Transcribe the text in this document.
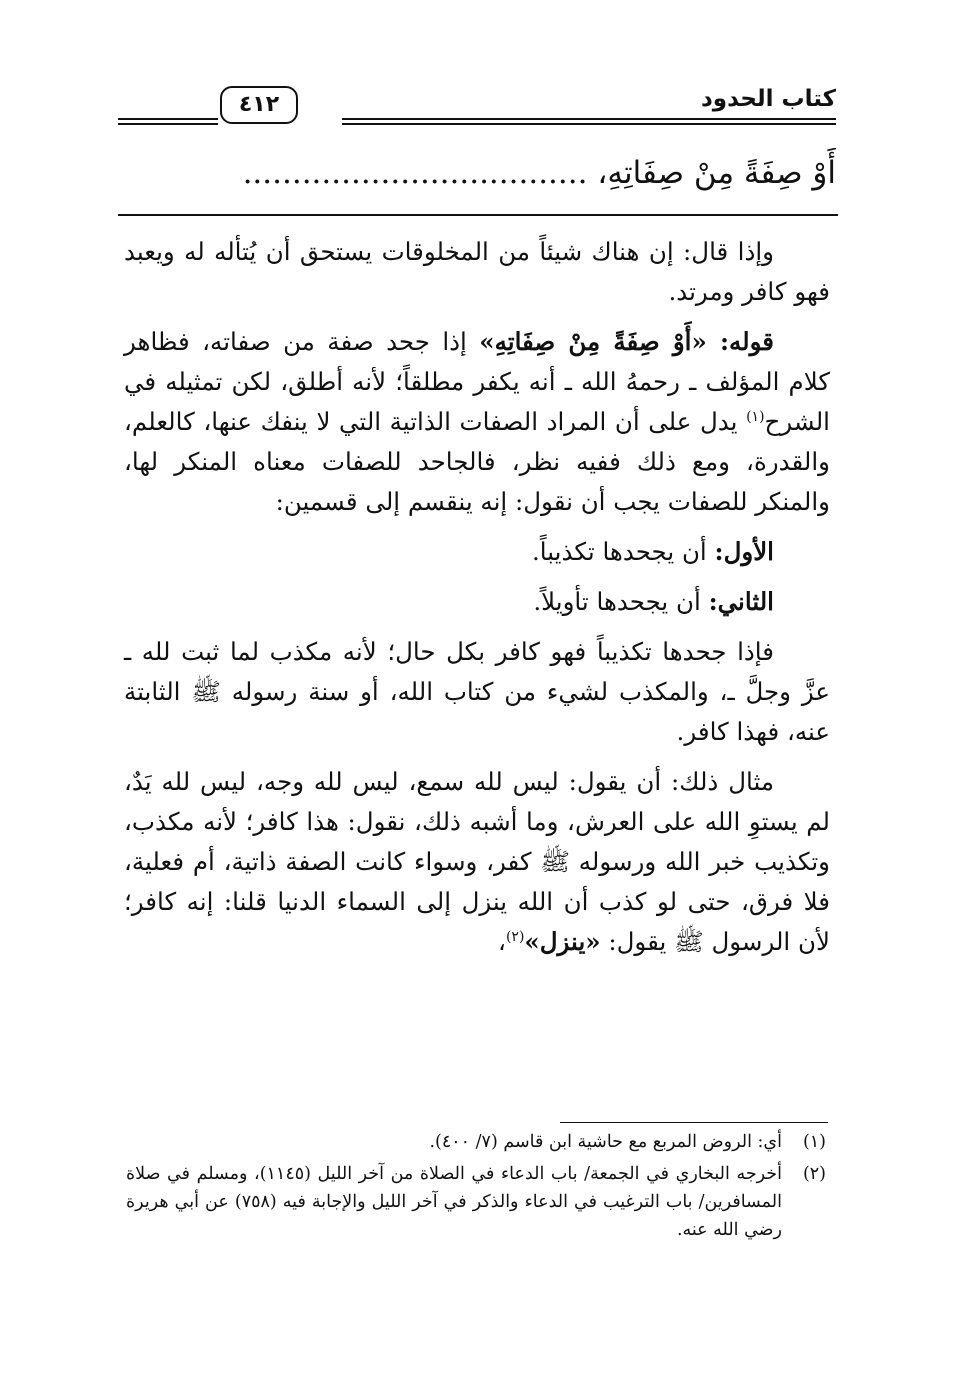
كتاب الحدود
٤١٢
أَوْ صِفَةً مِنْ صِفَاتِهِ، ...................................

وإذا قال: إن هناك شيئاً من المخلوقات يستحق أن يُتأله له ويعبد فهو كافر ومرتد.

قوله: «أَوْ صِفَةً مِنْ صِفَاتِهِ» إذا جحد صفة من صفاته، فظاهر كلام المؤلف ـ رحمهُ الله ـ أنه يكفر مطلقاً؛ لأنه أطلق، لكن تمثيله في الشرح$^{(١)}$ يدل على أن المراد الصفات الذاتية التي لا ينفك عنها، كالعلم، والقدرة، ومع ذلك ففيه نظر، فالجاحد للصفات معناه المنكر لها، والمنكر للصفات يجب أن نقول: إنه ينقسم إلى قسمين:

الأول: أن يجحدها تكذيباً.

الثاني: أن يجحدها تأويلاً.

فإذا جحدها تكذيباً فهو كافر بكل حال؛ لأنه مكذب لما ثبت لله ـ عزَّ وجلَّ ـ، والمكذب لشيء من كتاب الله، أو سنة رسوله ﷺ الثابتة عنه، فهذا كافر.

مثال ذلك: أن يقول: ليس لله سمع، ليس لله وجه، ليس لله يَدٌ، لم يستوِ الله على العرش، وما أشبه ذلك، نقول: هذا كافر؛ لأنه مكذب، وتكذيب خبر الله ورسوله ﷺ كفر، وسواء كانت الصفة ذاتية، أم فعلية، فلا فرق، حتى لو كذب أن الله ينزل إلى السماء الدنيا قلنا: إنه كافر؛ لأن الرسول ﷺ يقول: «ينزل»$^{(٢)}$،

(١)
أي: الروض المربع مع حاشية ابن قاسم (٧/ ٤٠٠).
(٢)
أخرجه البخاري في الجمعة/ باب الدعاء في الصلاة من آخر الليل (١١٤٥)، ومسلم في صلاة المسافرين/ باب الترغيب في الدعاء والذكر في آخر الليل والإجابة فيه (٧٥٨) عن أبي هريرة رضي الله عنه.
